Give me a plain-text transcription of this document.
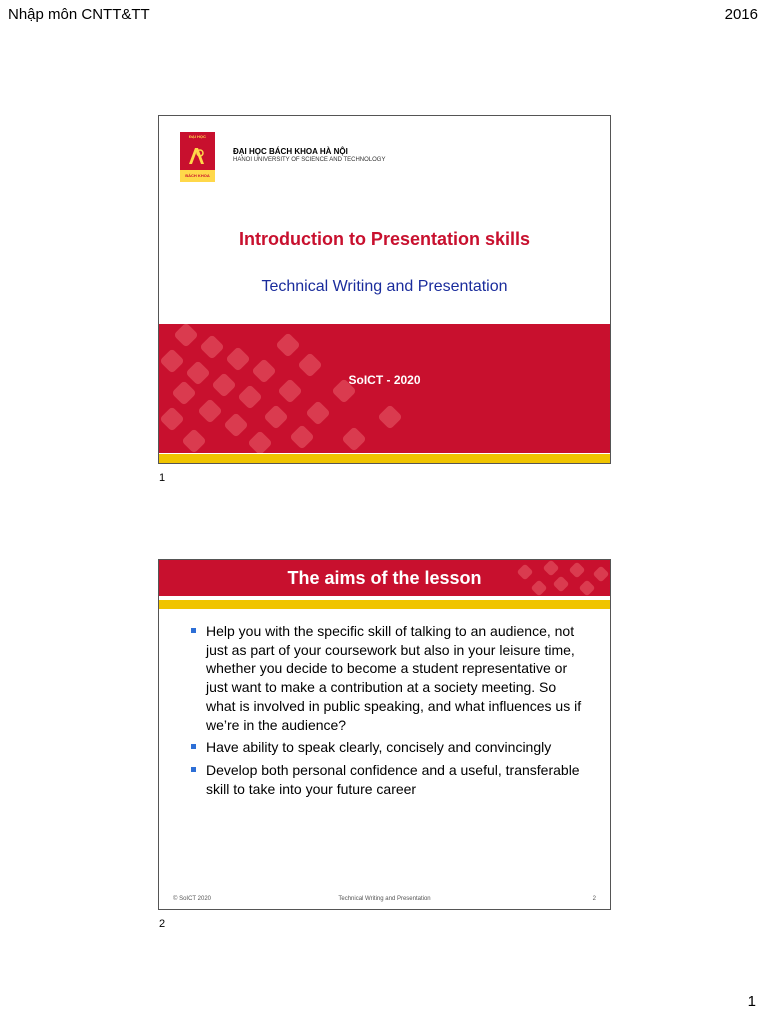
Nhập môn CNTT&TT	2016
ĐẠI HỌC
BÁCH KHOA
ĐẠI HỌC BÁCH KHOA HÀ NỘI
HANOI UNIVERSITY OF SCIENCE AND TECHNOLOGY
Introduction to Presentation skills
Technical Writing and Presentation
SoICT - 2020
1
The aims of the lesson
Help you with the specific skill of talking to an audience, not just as part of your coursework but also in your leisure time, whether you decide to become a student representative or just want to make a contribution at a society meeting. So what is involved in public speaking, and what influences us if we’re in the audience?
Have ability to speak clearly, concisely and convincingly
Develop both personal confidence and a useful, transferable skill to take into your future career
© SoICT 2020	Technical Writing and Presentation	2
2
1
